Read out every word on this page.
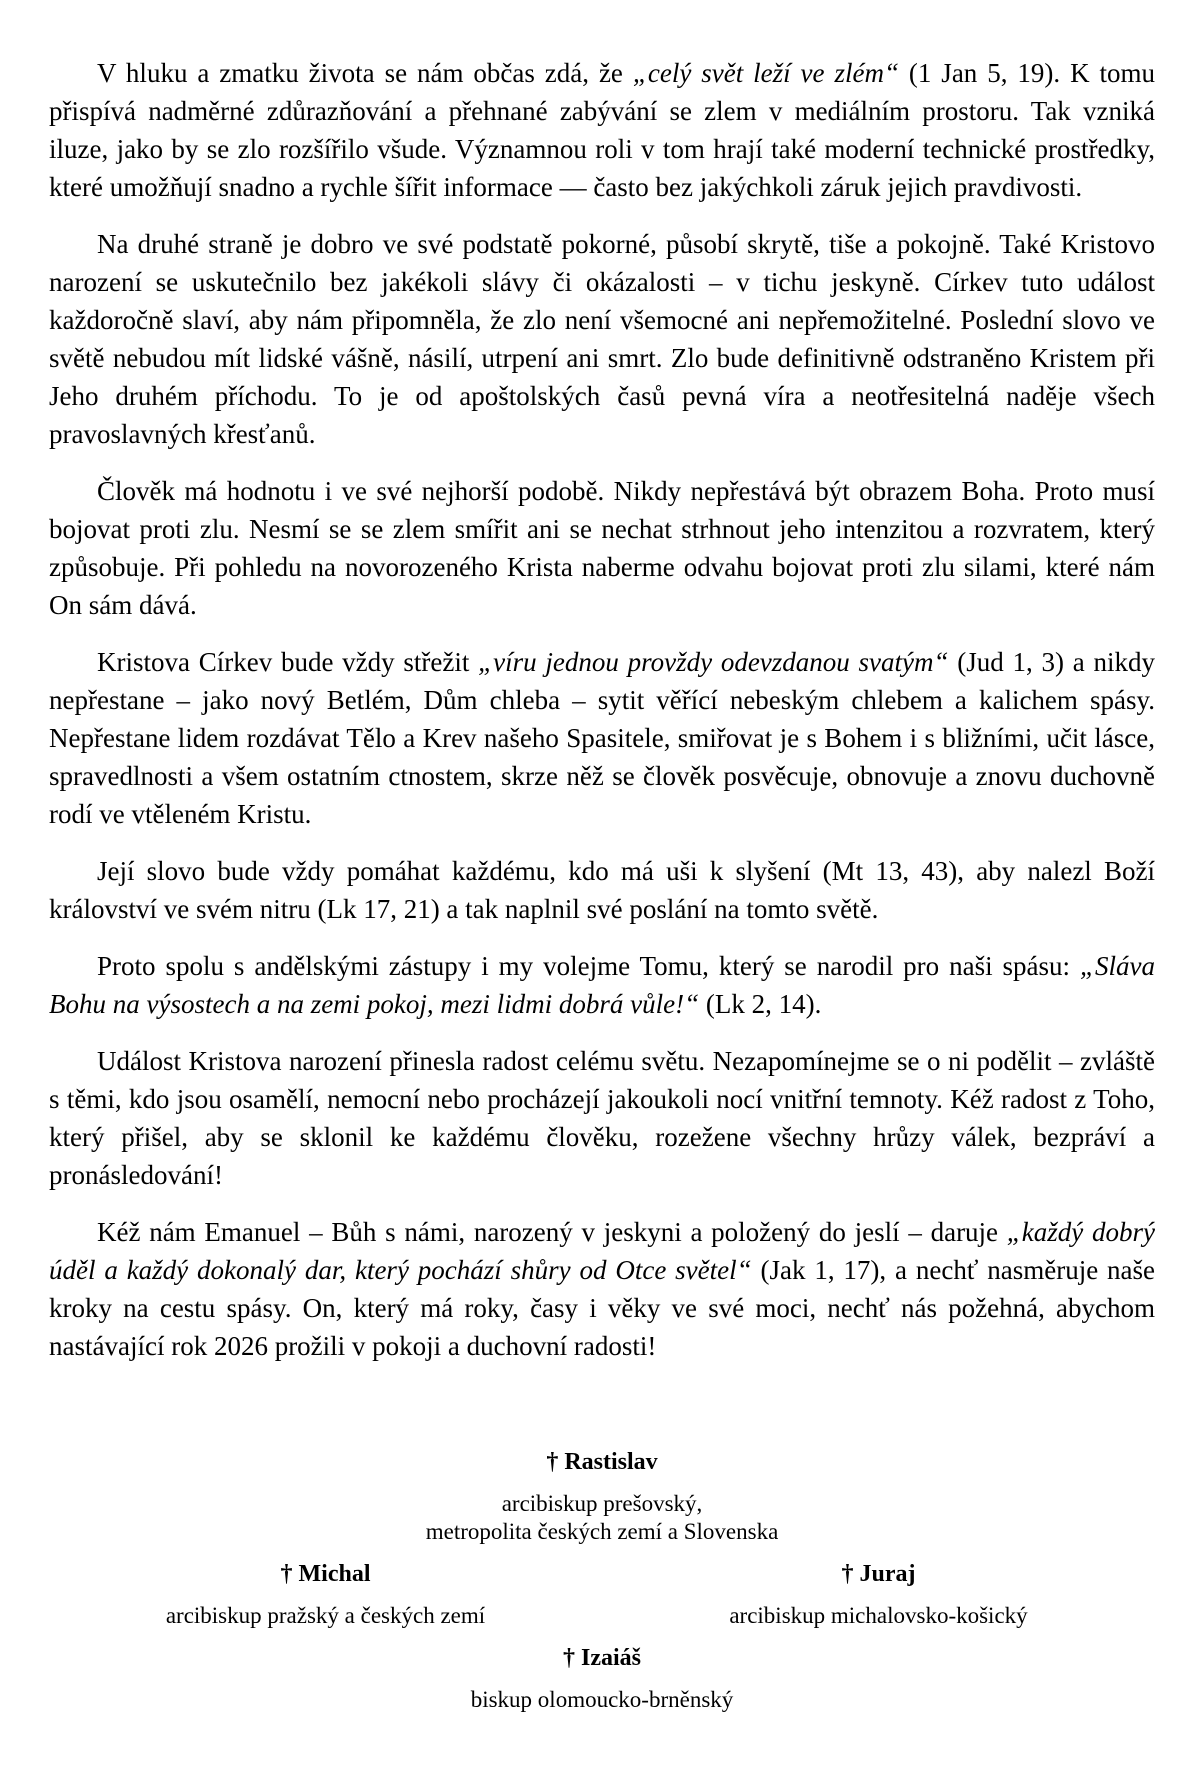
V hluku a zmatku života se nám občas zdá, že „celý svět leží ve zlém“ (1 Jan 5, 19). K tomu přispívá nadměrné zdůrazňování a přehnané zabývání se zlem v mediálním prostoru. Tak vzniká iluze, jako by se zlo rozšířilo všude. Významnou roli v tom hrají také moderní technické prostředky, které umožňují snadno a rychle šířit informace — často bez jakýchkoli záruk jejich pravdivosti.

Na druhé straně je dobro ve své podstatě pokorné, působí skrytě, tiše a pokojně. Také Kristovo narození se uskutečnilo bez jakékoli slávy či okázalosti – v tichu jeskyně. Církev tuto událost každoročně slaví, aby nám připomněla, že zlo není všemocné ani nepřemožitelné. Poslední slovo ve světě nebudou mít lidské vášně, násilí, utrpení ani smrt. Zlo bude definitivně odstraněno Kristem při Jeho druhém příchodu. To je od apoštolských časů pevná víra a neotřesitelná naděje všech pravoslavných křesťanů.

Člověk má hodnotu i ve své nejhorší podobě. Nikdy nepřestává být obrazem Boha. Proto musí bojovat proti zlu. Nesmí se se zlem smířit ani se nechat strhnout jeho intenzitou a rozvratem, který způsobuje. Při pohledu na novorozeného Krista naberme odvahu bojovat proti zlu silami, které nám On sám dává.

Kristova Církev bude vždy střežit „víru jednou provždy odevzdanou svatým“ (Jud 1, 3) a nikdy nepřestane – jako nový Betlém, Dům chleba – sytit věřící nebeským chlebem a kalichem spásy. Nepřestane lidem rozdávat Tělo a Krev našeho Spasitele, smiřovat je s Bohem i s bližními, učit lásce, spravedlnosti a všem ostatním ctnostem, skrze něž se člověk posvěcuje, obnovuje a znovu duchovně rodí ve vtěleném Kristu.

Její slovo bude vždy pomáhat každému, kdo má uši k slyšení (Mt 13, 43), aby nalezl Boží království ve svém nitru (Lk 17, 21) a tak naplnil své poslání na tomto světě.

Proto spolu s andělskými zástupy i my volejme Tomu, který se narodil pro naši spásu: „Sláva Bohu na výsostech a na zemi pokoj, mezi lidmi dobrá vůle!“ (Lk 2, 14).

Událost Kristova narození přinesla radost celému světu. Nezapomínejme se o ni podělit – zvláště s těmi, kdo jsou osamělí, nemocní nebo procházejí jakoukoli nocí vnitřní temnoty. Kéž radost z Toho, který přišel, aby se sklonil ke každému člověku, rozežene všechny hrůzy válek, bezpráví a pronásledování!

Kéž nám Emanuel – Bůh s námi, narozený v jeskyni a položený do jeslí – daruje „každý dobrý úděl a každý dokonalý dar, který pochází shůry od Otce světel“ (Jak 1, 17), a nechť nasměruje naše kroky na cestu spásy. On, který má roky, časy i věky ve své moci, nechť nás požehná, abychom nastávající rok 2026 prožili v pokoji a duchovní radosti!

† Rastislav
arcibiskup prešovský,
metropolita českých zemí a Slovenska
† Michal
arcibiskup pražský a českých zemí
† Juraj
arcibiskup michalovsko-košický
† Izaiáš
biskup olomoucko-brněnský
